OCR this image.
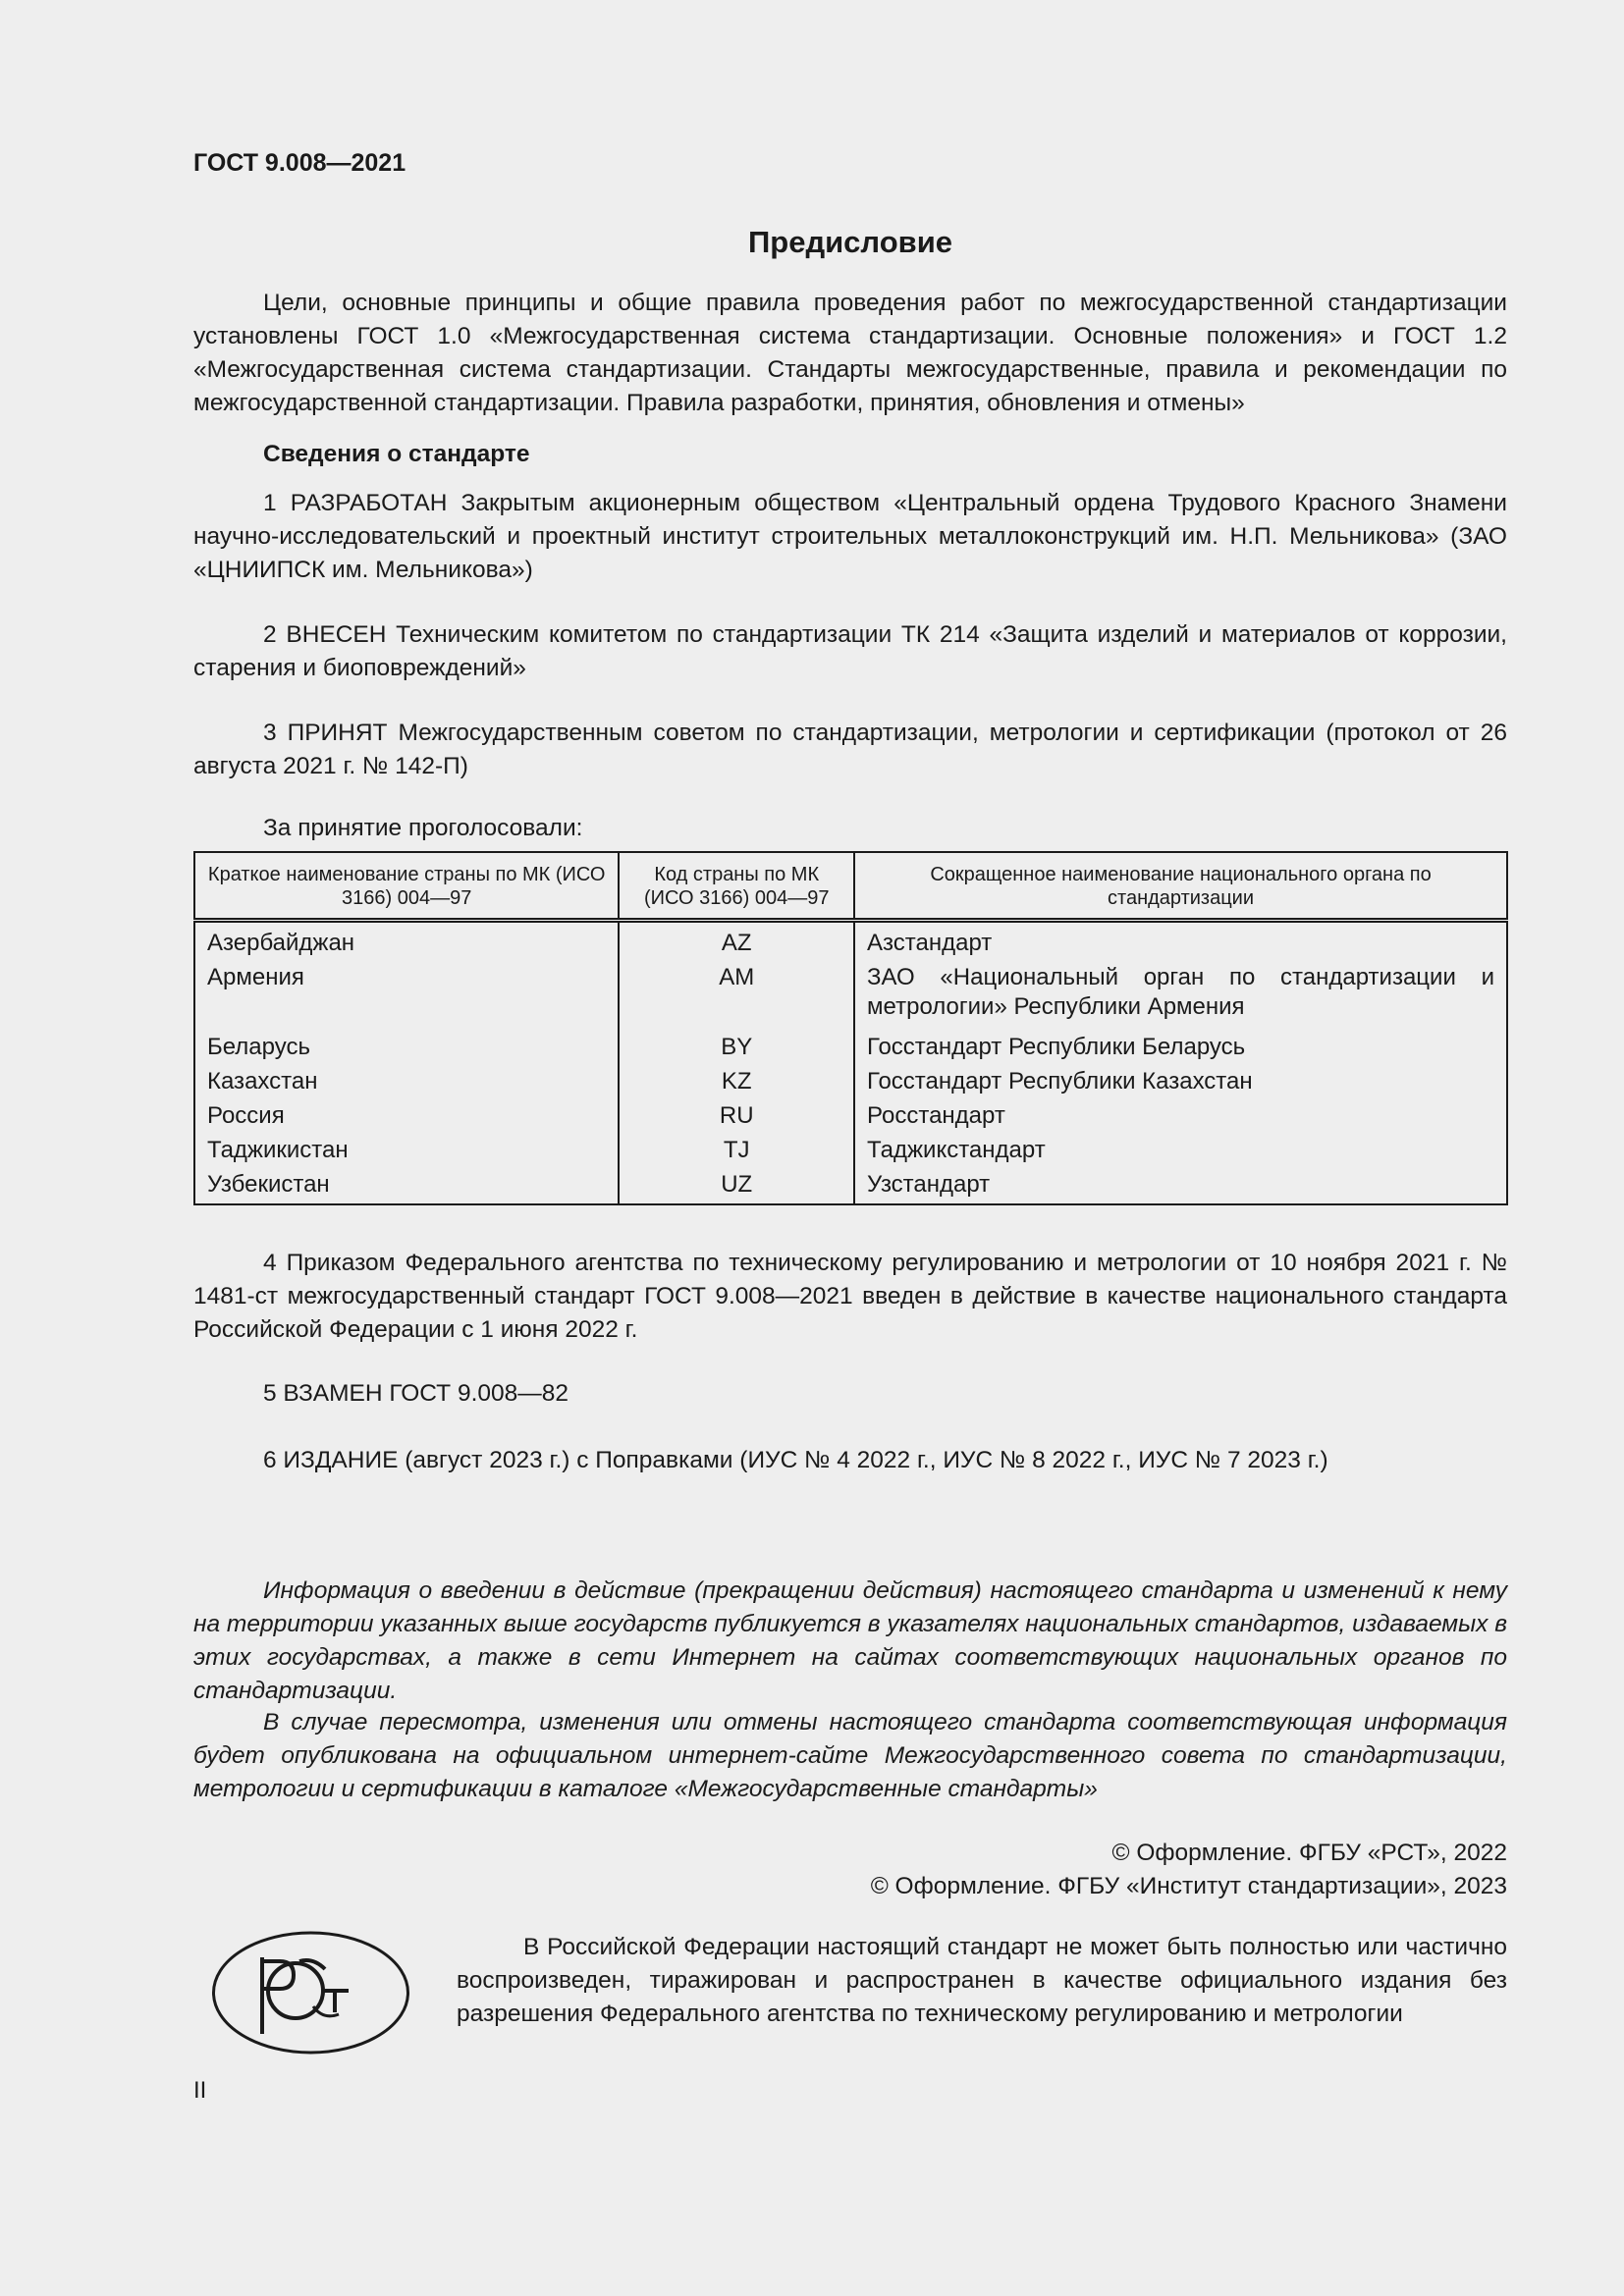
ГОСТ 9.008—2021
Предисловие

Цели, основные принципы и общие правила проведения работ по межгосударственной стандартизации установлены ГОСТ 1.0 «Межгосударственная система стандартизации. Основные положения» и ГОСТ 1.2 «Межгосударственная система стандартизации. Стандарты межгосударственные, правила и рекомендации по межгосударственной стандартизации. Правила разработки, принятия, обновления и отмены»

Сведения о стандарте

1 РАЗРАБОТАН Закрытым акционерным обществом «Центральный ордена Трудового Красного Знамени научно-исследовательский и проектный институт строительных металлоконструкций им. Н.П. Мельникова» (ЗАО «ЦНИИПСК им. Мельникова»)

2 ВНЕСЕН Техническим комитетом по стандартизации ТК 214 «Защита изделий и материалов от коррозии, старения и биоповреждений»

3 ПРИНЯТ Межгосударственным советом по стандартизации, метрологии и сертификации (протокол от 26 августа 2021 г. № 142-П)

За принятие проголосовали:
Краткое наименование страны по МК (ИСО 3166) 004—97	Код страны по МК (ИСО 3166) 004—97	Сокращенное наименование национального органа по стандартизации
Азербайджан	AZ	Азстандарт
Армения	AM	ЗАО «Национальный орган по стандартизации и метрологии» Республики Армения
Беларусь	BY	Госстандарт Республики Беларусь
Казахстан	KZ	Госстандарт Республики Казахстан
Россия	RU	Росстандарт
Таджикистан	TJ	Таджикстандарт
Узбекистан	UZ	Узстандарт

4 Приказом Федерального агентства по техническому регулированию и метрологии от 10 ноября 2021 г. № 1481-ст межгосударственный стандарт ГОСТ 9.008—2021 введен в действие в качестве национального стандарта Российской Федерации с 1 июня 2022 г.

5 ВЗАМЕН ГОСТ 9.008—82

6 ИЗДАНИЕ (август 2023 г.) с Поправками (ИУС № 4 2022 г., ИУС № 8 2022 г., ИУС № 7 2023 г.)

Информация о введении в действие (прекращении действия) настоящего стандарта и изменений к нему на территории указанных выше государств публикуется в указателях национальных стандартов, издаваемых в этих государствах, а также в сети Интернет на сайтах соответствующих национальных органов по стандартизации.

В случае пересмотра, изменения или отмены настоящего стандарта соответствующая информация будет опубликована на официальном интернет-сайте Межгосударственного совета по стандартизации, метрологии и сертификации в каталоге «Межгосударственные стандарты»

© Оформление. ФГБУ «РСТ», 2022
© Оформление. ФГБУ «Институт стандартизации», 2023

В Российской Федерации настоящий стандарт не может быть полностью или частично воспроизведен, тиражирован и распространен в качестве официального издания без разрешения Федерального агентства по техническому регулированию и метрологии

II
